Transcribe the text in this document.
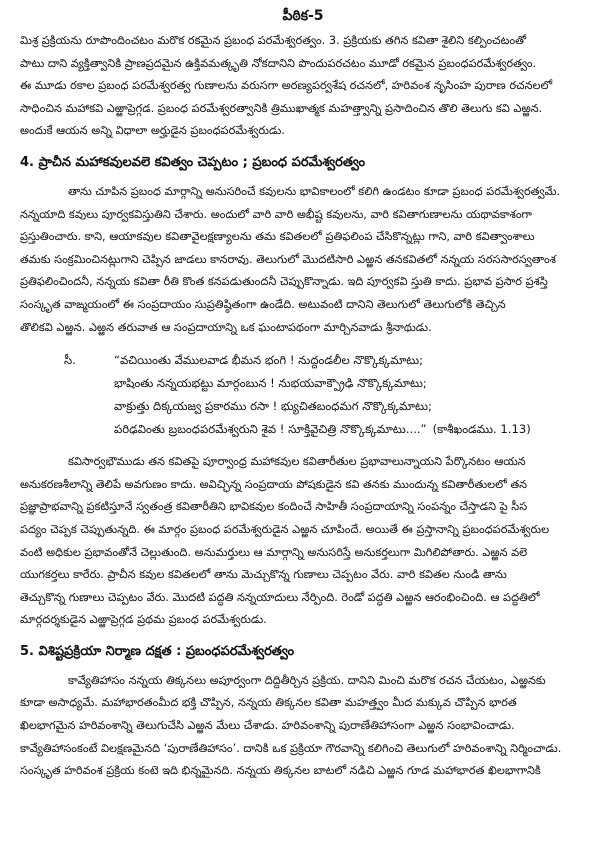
పీఠిక-5

మిశ్ర ప్రక్రియను రూపొందించటం మరొక రకమైన ప్రబంధ పరమేశ్వరత్వం. 3. ప్రక్రియకు తగిన కవితా శైలిని కల్పించటంతో

పాటు దాని వ్యక్తిత్వానికి ప్రాణప్రదమైన ఉక్తివమత్కృతి నోకదానిని పొందుపరచటం మూడో రకమైన ప్రబంధపరమేశ్వరత్వం.

ఈ మూడు రకాల ప్రబంధ పరమేశ్వరత్వ గుణాలను వరుసగా అరణ్యపర్వశేష రచనలో, హరివంశ నృసింహ పురాణ రచనలలో

సాధించిన మహాకవి ఎఱ్ఱాప్రెగ్గడ. ప్రబంధ పరమేశ్వరత్వానికి త్రిముఖాత్మక మహత్త్వాన్ని ప్రసాదించిన తొలి తెలుగు కవి ఎఱ్ఱన.

అందుకే ఆయన అన్ని విధాలా అర్హుడైన ప్రబంధపరమేశ్వరుడు.

4. ప్రాచీన మహాకవులవలె కవిత్వం చెప్పటం ; ప్రబంధ పరమేశ్వరత్వం

తాను చూపిన ప్రబంధ మార్గాన్ని అనుసరించే కవులను భావికాలంలో కలిగి ఉండటం కూడా ప్రబంధ పరమేశ్వరత్వమే.

నన్నయాది కవులు పూర్వకవిస్తుతిని చేశారు. అందులో వారి వారి అభీష్ట కవులను, వారి కవితాగుణాలను యథావకాశంగా

ప్రస్తుతించారు. కాని, ఆయాకవుల కవితావైలక్షణ్యాలను తమ కవితలలో ప్రతిఫలింప చేసికొన్నట్లు గాని, వారి కవిత్వాంశాలు

తమకు సంక్రమించినట్లుగాని చెప్పిన జాడలు కానరావు. తెలుగులో మొదటిసారి ఎఱ్ఱన తనకవితలో నన్నయ సరససారస్వతాంశ

ప్రతిఫలించిందనీ, నన్నయ కవితా రీతి కొంత కనపడుతుందనీ చెప్పుకొన్నాడు. ఇది పూర్వకవి స్తుతి కాదు. ప్రభావ ప్రసార ప్రశస్తి

సంస్కృత వాఙ్మయంలో ఈ సంప్రదాయం సుప్రతిష్ఠితంగా ఉండేది. అటువంటి దానిని తెలుగులో తెలుగులోకి తెచ్చిన

తొలికవి ఎఱ్ఱన. ఎఱ్ఱన తరువాత ఆ సంప్రదాయాన్ని ఒక ఘంటాపథంగా మార్చినవాడు శ్రీనాథుడు.

సీ.	“వచియింతు వేములవాడ భీమన భంగి ! నుద్దండలీల నొక్కొక్కమాటు;
భాషింతు నన్నయభట్టు మార్గంబున ! నుభయవాక్ప్రౌఢి నొక్కొక్కమాటు;
వాక్రుత్తు దిక్కయజ్వ ప్రకారము రసా ! భ్యుచితబంధమగ నొక్కొక్కమాటు;
పరిఢవింతు బ్రబంధపరమేశ్వరుని శైవ ! సూక్తివైచిత్రి నొక్కొక్కమాటు....” (కాశీఖండము. 1.13)

కవిసార్వభౌముడు తన కవితపై పూర్వాంధ్ర మహాకవుల కవితారీతుల ప్రభావాలున్నాయని పేర్కొనటం ఆయన

అనుకరణశీలాన్ని తెలిపే అవగుణం కాదు. అవిచ్ఛిన్న సంప్రదాయ పోషకుడైన కవి తనకు ముందున్న కవితారీతులలో తన

ప్రజ్ఞాప్రాభవాన్ని ప్రకటిస్తూనే స్వతంత్ర కవితారీతిని భావికవుల కందించే సాహితీ సంప్రదాయాన్ని సంపన్నం చేస్తాడని పై సీస

పద్యం చెప్పక చెప్పుతున్నది. ఈ మార్గం ప్రబంధ పరమేశ్వరుడైన ఎఱ్ఱన చూపిందే. అయితే ఈ ప్రస్తానాన్ని ప్రబంధపరమేశ్వరుల

వంటి అధికుల ప్రభావంతోనే చెల్లుతుంది. అనుమర్తులు ఆ మార్గాన్ని అనుసరిస్తే అనుకర్తలుగా మిగిలిపోతారు. ఎఱ్ఱన వలె

యుగకర్తలు కారేరు. ప్రాచీన కవుల కవితలలో తాను మెచ్చుకొన్న గుణాలు చెప్పటం వేరు. వారి కవితల నుండి తాను

తెచ్చుకొన్న గుణాలు చెప్పటం వేరు. మొదటి పద్ధతి నన్నయాదులు నేర్పింది. రెండో పద్ధతి ఎఱ్ఱన ఆరంభించింది. ఆ పద్ధతిలో

మార్గదర్శకుడైన ఎఱ్ఱాప్రెగ్గడ ప్రథమ ప్రబంధ పరమేశ్వరుడు.

5. విశిష్టప్రక్రియా నిర్మాణ దక్షత : ప్రబంధపరమేశ్వరత్వం

కావ్యేతిహాసం నన్నయ తిక్కనలు అపూర్వంగా దిద్దితీర్చిన ప్రక్రియ. దానిని మించి మరొక రచన చేయటం, ఎఱ్ఱనకు

కూడా అసాధ్యమే. మహాభారతంమీద భక్తి చొప్పిన, నన్నయ తిక్కనల కవితా మహత్త్వం మీద మక్కువ చొప్పిన భారత

ఖిలభాగమైన హరివంశాన్ని తెలుగుచేసి ఎఱ్ఱన మేలు చేశాడు. హరివంశాన్ని పురాణేతిహాసంగా ఎఱ్ఱన సంభావించాడు.

కావ్యేతిహాసంకంటే విలక్షణమైనది ‘పురాణేతిహాసం’. దానికి ఒక ప్రక్రియా గౌరవాన్ని కలిగించి తెలుగులో హరివంశాన్ని నిర్మించాడు.

సంస్కృత హరివంశ ప్రక్రియ కంటె ఇది భిన్నమైనది. నన్నయ తిక్కనల బాటలో నడిచి ఎఱ్ఱన గూడ మహాభారత ఖిలభాగానికి
